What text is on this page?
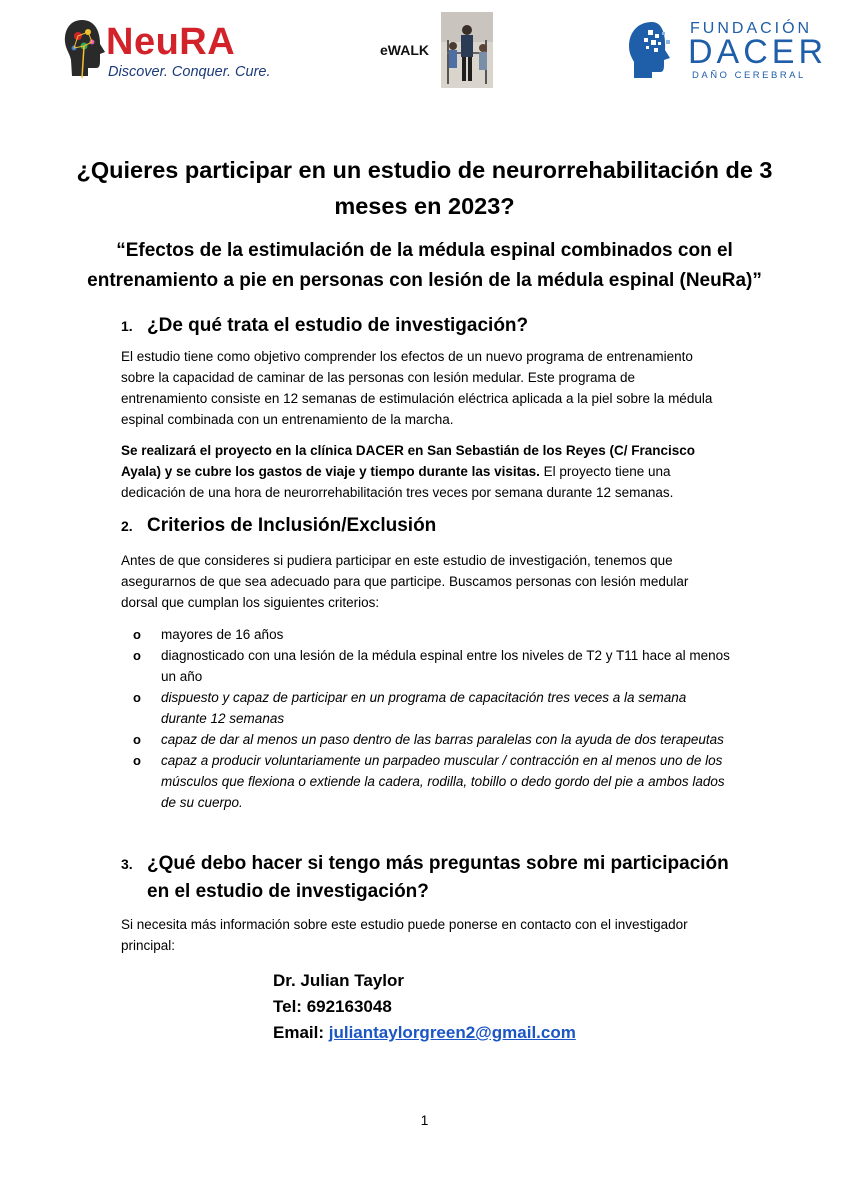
NeuRA
Discover. Conquer. Cure.
eWALK
FUNDACIÓN
DACER
DAÑO CEREBRAL
¿Quieres participar en un estudio de neurorrehabilitación de 3 meses en 2023?
“Efectos de la estimulación de la médula espinal combinados con el entrenamiento a pie en personas con lesión de la médula espinal (NeuRa)”
1. ¿De qué trata el estudio de investigación?

El estudio tiene como objetivo comprender los efectos de un nuevo programa de entrenamiento sobre la capacidad de caminar de las personas con lesión medular. Este programa de entrenamiento consiste en 12 semanas de estimulación eléctrica aplicada a la piel sobre la médula espinal combinada con un entrenamiento de la marcha.

Se realizará el proyecto en la clínica DACER en San Sebastián de los Reyes (C/ Francisco Ayala) y se cubre los gastos de viaje y tiempo durante las visitas. El proyecto tiene una dedicación de una hora de neurorrehabilitación tres veces por semana durante 12 semanas.

2. Criterios de Inclusión/Exclusión

Antes de que consideres si pudiera participar en este estudio de investigación, tenemos que asegurarnos de que sea adecuado para que participe. Buscamos personas con lesión medular dorsal que cumplan los siguientes criterios:

o mayores de 16 años
o diagnosticado con una lesión de la médula espinal entre los niveles de T2 y T11 hace al menos un año
o dispuesto y capaz de participar en un programa de capacitación tres veces a la semana durante 12 semanas
o capaz de dar al menos un paso dentro de las barras paralelas con la ayuda de dos terapeutas
o capaz a producir voluntariamente un parpadeo muscular / contracción en al menos uno de los músculos que flexiona o extiende la cadera, rodilla, tobillo o dedo gordo del pie a ambos lados de su cuerpo.
3. ¿Qué debo hacer si tengo más preguntas sobre mi participación en el estudio de investigación?

Si necesita más información sobre este estudio puede ponerse en contacto con el investigador principal:

Dr. Julian Taylor
Tel: 692163048
Email: juliantaylorgreen2@gmail.com
1
